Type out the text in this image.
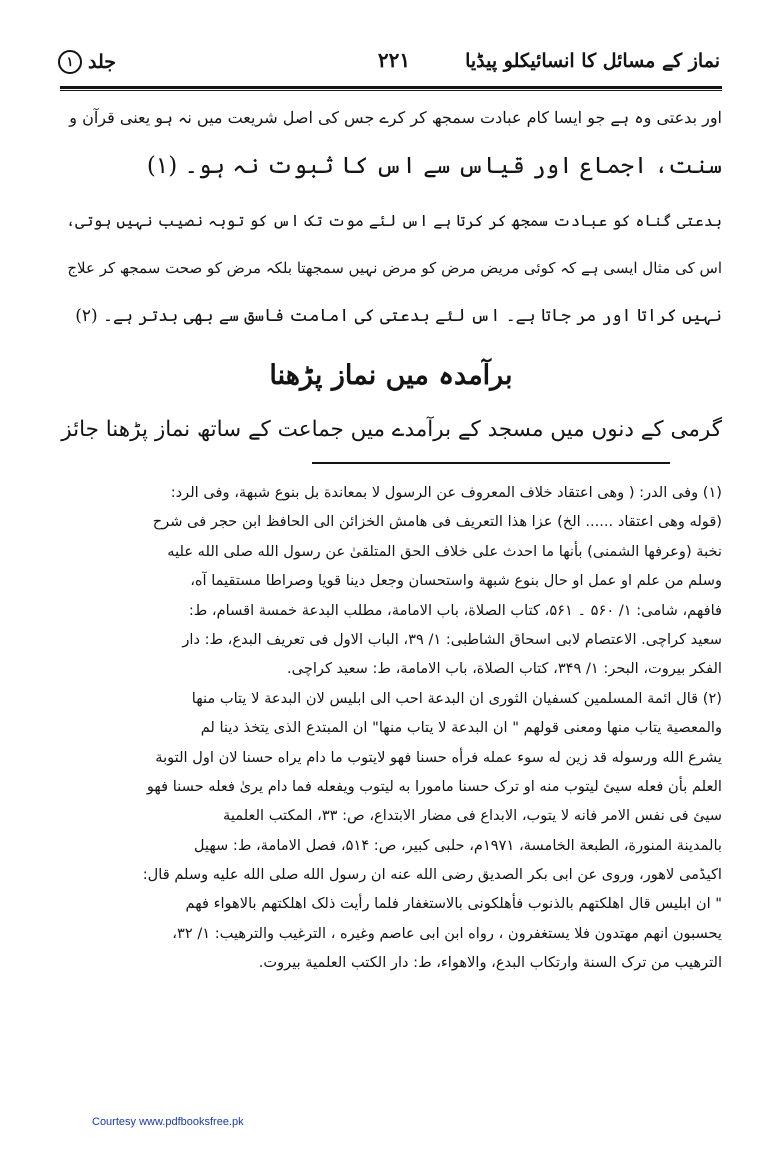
نماز کے مسائل کا انسائیکلو پیڈیا
۲۲۱
جلد
١
اور بدعتی وہ ہے جو ایسا کام عبادت سمجھ کر کرے جس کی اصل شریعت میں نہ ہو یعنی قرآن و
سنت، اجماع اور قیاس سے اس کا ثبوت نہ ہو۔ (۱)
بدعتی گناہ کو عبادت سمجھ کر کرتا ہے اس لئے موت تک اس کو توبہ نصیب نہیں ہوتی،
اس کی مثال ایسی ہے کہ کوئی مریض مرض کو مرض نہیں سمجھتا بلکہ مرض کو صحت سمجھ کر علاج
نہیں کراتا اور مر جاتا ہے۔ اس لئے بدعتی کی امامت فاسق سے بھی بدتر ہے۔ (۲)
برآمدہ میں نماز پڑھنا
گرمی کے دنوں میں مسجد کے برآمدے میں جماعت کے ساتھ نماز پڑھنا جائز
(۱) وفی الدر: ( وھی اعتقاد خلاف المعروف عن الرسول لا بمعاندة بل بنوع شبهة، وفی الرد:
(قوله وھی اعتقاد ...... الخ) عزا ھذا التعریف فی ھامش الخزائن الی الحافظ ابن حجر فی شرح
نخبة (وعرفها الشمنی) بأنها ما احدث علی خلاف الحق المتلقیٰ عن رسول الله صلی الله علیه
وسلم من علم او عمل او حال بنوع شبهة واستحسان وجعل دینا قویا وصراطا مستقیما آه،
فافهم، شامی: ۱/ ۵۶۰ ۔ ۵۶۱، کتاب الصلاة، باب الامامة، مطلب البدعة خمسة اقسام، ط:
سعید کراچی. الاعتصام لابی اسحاق الشاطبی: ۱/ ۳۹، الباب الاول فی تعریف البدع، ط: دار
الفکر بیروت، البحر: ۱/ ۳۴۹، کتاب الصلاة، باب الامامة، ط: سعید کراچی.
(۲) قال ائمة المسلمین کسفیان الثوری ان البدعة احب الی ابلیس لان البدعة لا یتاب منها
والمعصیة یتاب منها ومعنی قولهم " ان البدعة لا یتاب منها" ان المبتدع الذی یتخذ دینا لم
یشرع الله ورسوله قد زین له سوء عمله فرأه حسنا فهو لایتوب ما دام یراه حسنا لان اول التوبة
العلم بأن فعله سیئ لیتوب منه او ترک حسنا مامورا به لیتوب ویفعله فما دام یریٰ فعله حسنا فهو
سیئ فی نفس الامر فانه لا یتوب، الابداع فی مضار الابتداع، ص: ۳۳، المکتب العلمیة
بالمدینة المنورة، الطبعة الخامسة، ۱۹۷۱م، حلبی کبیر، ص: ۵۱۴، فصل الامامة، ط: سهیل
اکیڈمی لاهور، وروی عن ابی بکر الصدیق رضی الله عنه ان رسول الله صلی الله علیه وسلم قال:
" ان ابلیس قال اهلکتهم بالذنوب فأهلکونی بالاستغفار فلما رأیت ذلک اهلکتهم بالاهواء فهم
یحسبون انهم مهتدون فلا یستغفرون ، رواه ابن ابی عاصم وغیره ، الترغیب والترهیب: ۱/ ۳۲،
الترهیب من ترک السنة وارتکاب البدع، والاهواء، ط: دار الکتب العلمیة بیروت.
Courtesy www.pdfbooksfree.pk
